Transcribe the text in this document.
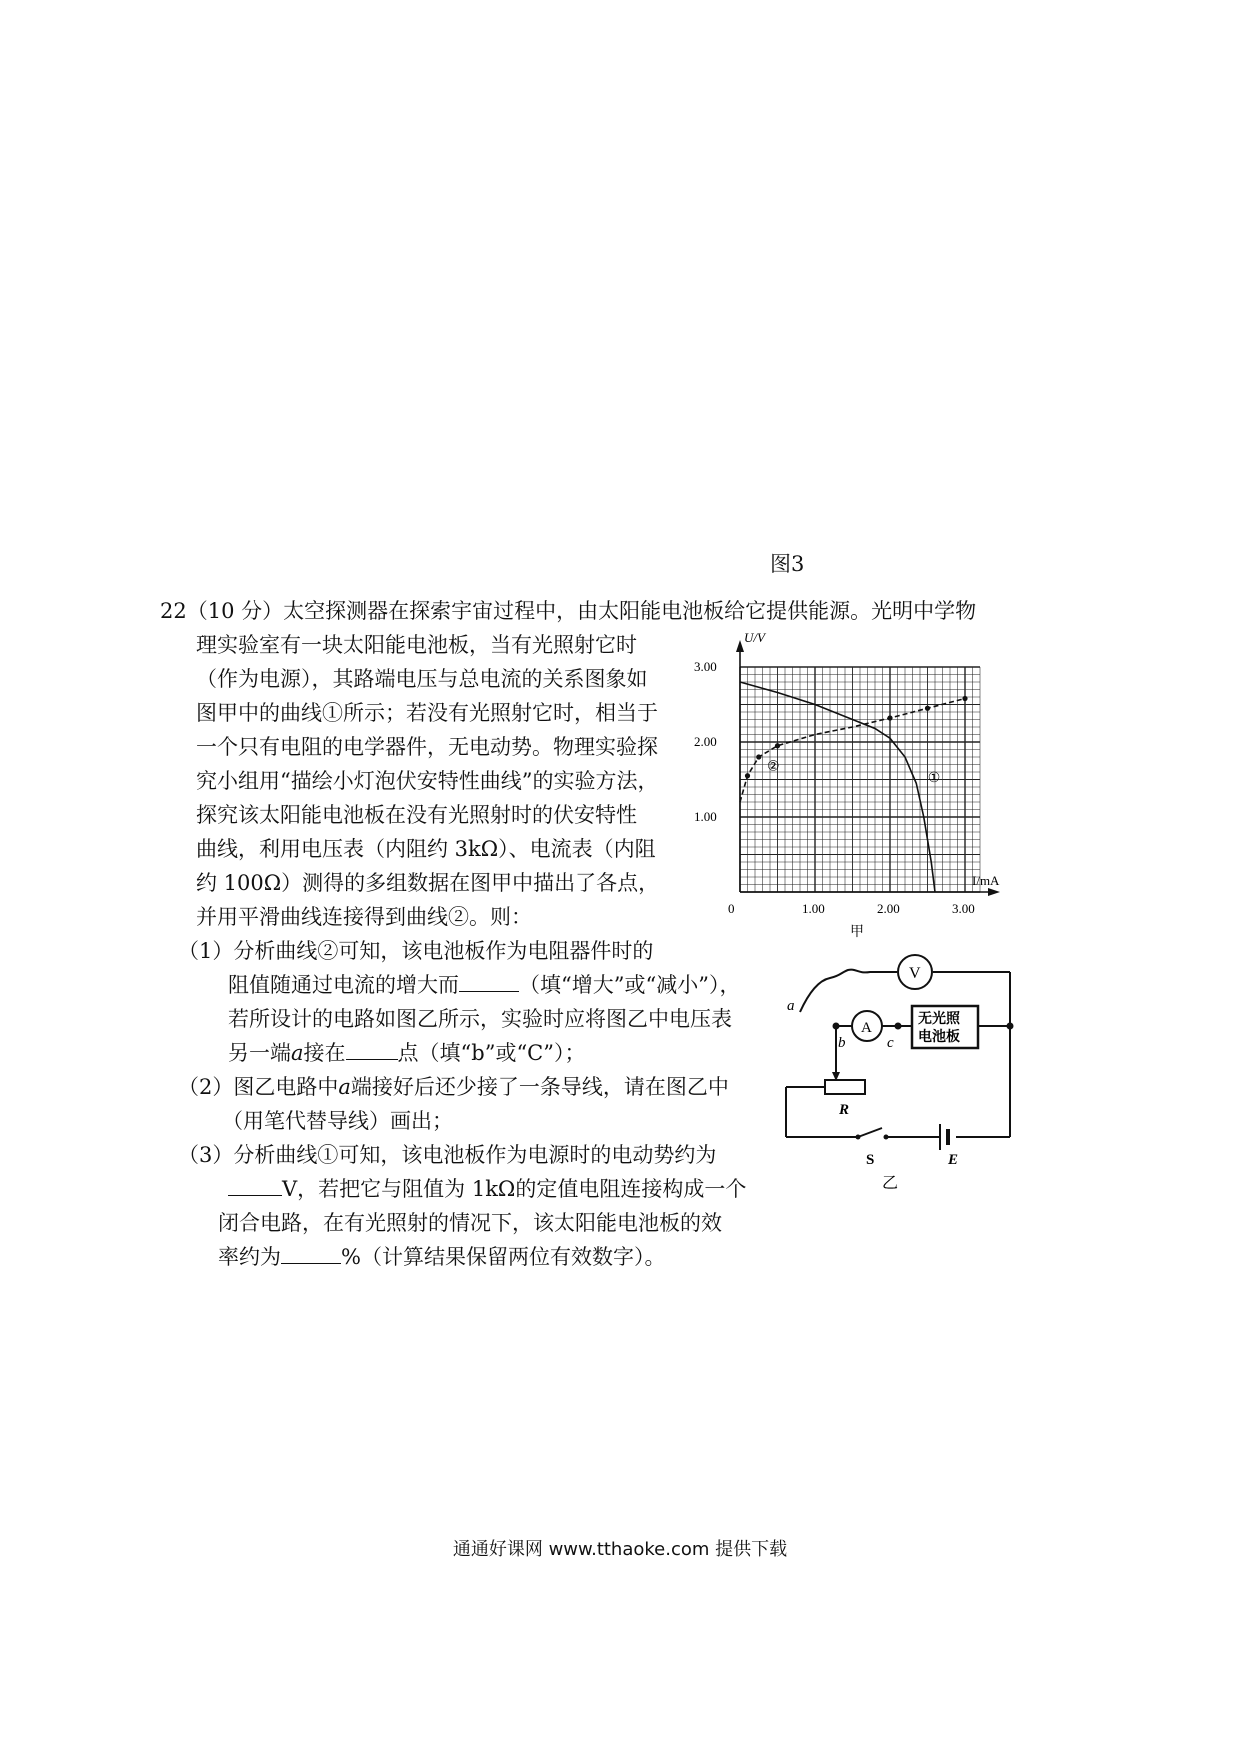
图3
22（10 分）太空探测器在探索宇宙过程中，由太阳能电池板给它提供能源。光明中学物
理实验室有一块太阳能电池板，当有光照射它时
（作为电源），其路端电压与总电流的关系图象如
图甲中的曲线①所示；若没有光照射它时，相当于
一个只有电阻的电学器件，无电动势。物理实验探
究小组用“描绘小灯泡伏安特性曲线”的实验方法，
探究该太阳能电池板在没有光照射时的伏安特性
曲线，利用电压表（内阻约 3kΩ）、电流表（内阻
约 100Ω）测得的多组数据在图甲中描出了各点，
并用平滑曲线连接得到曲线②。则：
（1）分析曲线②可知，该电池板作为电阻器件时的
阻值随通过电流的增大而	（填“增大”或“减小”），
若所设计的电路如图乙所示，实验时应将图乙中电压表
另一端a接在 点（填“b”或“C”）；
（2）图乙电路中a端接好后还少接了一条导线，请在图乙中
（用笔代替导线）画出；
（3）分析曲线①可知，该电池板作为电源时的电动势约为
V，若把它与阻值为 1kΩ的定值电阻连接构成一个
闭合电路，在有光照射的情况下，该太阳能电池板的效
率约为	%（计算结果保留两位有效数字）。
①
②
U/V
I/mA
0
甲
1.00	2.00	3.00
1.00
2.00
3.00
V
A
无光照
电池板
a
b	c
R
S	E
乙
通通好课网 www.tthaoke.com 提供下载
